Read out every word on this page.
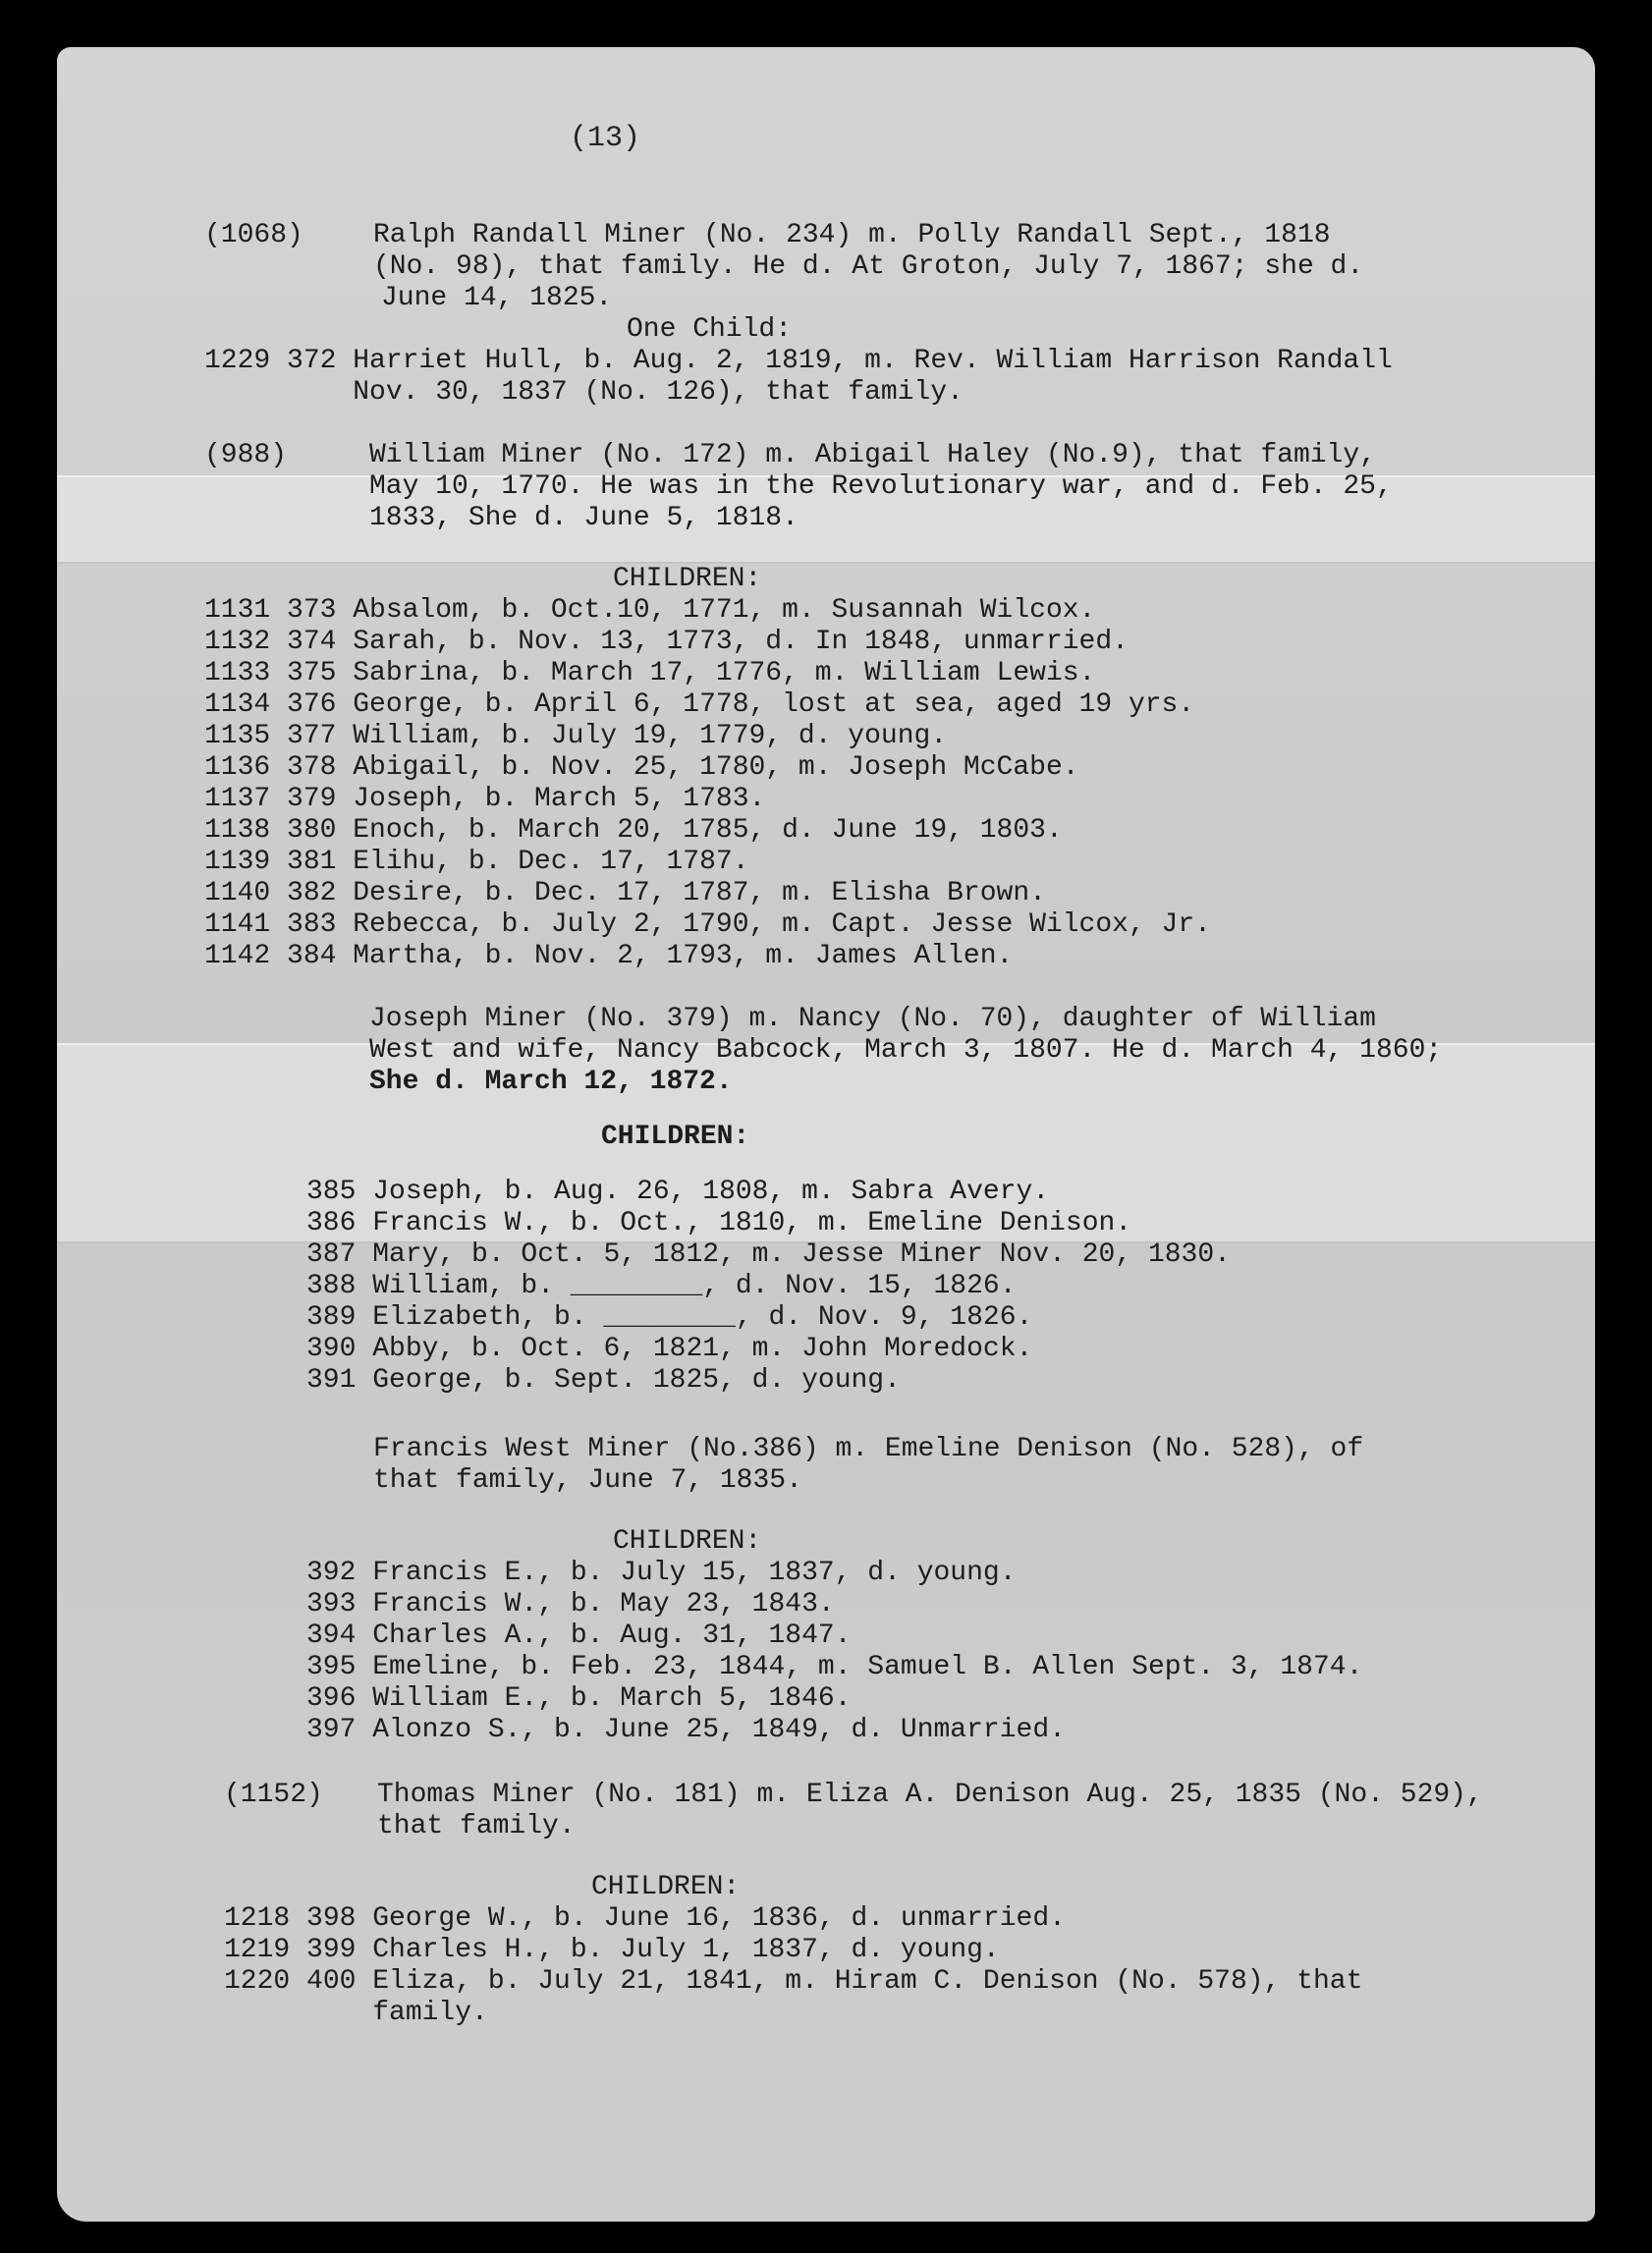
(13)
(1068)	Ralph Randall Miner (No. 234) m. Polly Randall Sept., 1818
(No. 98), that family. He d. At Groton, July 7, 1867; she d.
June 14, 1825.
One Child:
1229 372 Harriet Hull, b. Aug. 2, 1819, m. Rev. William Harrison Randall
Nov. 30, 1837 (No. 126), that family.
(988)	William Miner (No. 172) m. Abigail Haley (No.9), that family,
May 10, 1770. He was in the Revolutionary war, and d. Feb. 25,
1833, She d. June 5, 1818.
CHILDREN:
1131 373 Absalom, b. Oct.10, 1771, m. Susannah Wilcox.
1132 374 Sarah, b. Nov. 13, 1773, d. In 1848, unmarried.
1133 375 Sabrina, b. March 17, 1776, m. William Lewis.
1134 376 George, b. April 6, 1778, lost at sea, aged 19 yrs.
1135 377 William, b. July 19, 1779, d. young.
1136 378 Abigail, b. Nov. 25, 1780, m. Joseph McCabe.
1137 379 Joseph, b. March 5, 1783.
1138 380 Enoch, b. March 20, 1785, d. June 19, 1803.
1139 381 Elihu, b. Dec. 17, 1787.
1140 382 Desire, b. Dec. 17, 1787, m. Elisha Brown.
1141 383 Rebecca, b. July 2, 1790, m. Capt. Jesse Wilcox, Jr.
1142 384 Martha, b. Nov. 2, 1793, m. James Allen.
Joseph Miner (No. 379) m. Nancy (No. 70), daughter of William
West and wife, Nancy Babcock, March 3, 1807. He d. March 4, 1860;
She d. March 12, 1872.
CHILDREN:
385 Joseph, b. Aug. 26, 1808, m. Sabra Avery.
386 Francis W., b. Oct., 1810, m. Emeline Denison.
387 Mary, b. Oct. 5, 1812, m. Jesse Miner Nov. 20, 1830.
388 William, b. ________, d. Nov. 15, 1826.
389 Elizabeth, b. ________, d. Nov. 9, 1826.
390 Abby, b. Oct. 6, 1821, m. John Moredock.
391 George, b. Sept. 1825, d. young.
Francis West Miner (No.386) m. Emeline Denison (No. 528), of
that family, June 7, 1835.
CHILDREN:
392 Francis E., b. July 15, 1837, d. young.
393 Francis W., b. May 23, 1843.
394 Charles A., b. Aug. 31, 1847.
395 Emeline, b. Feb. 23, 1844, m. Samuel B. Allen Sept. 3, 1874.
396 William E., b. March 5, 1846.
397 Alonzo S., b. June 25, 1849, d. Unmarried.
(1152) Thomas Miner (No. 181) m. Eliza A. Denison Aug. 25, 1835 (No. 529),
that family.
CHILDREN:
1218 398 George W., b. June 16, 1836, d. unmarried.
1219 399 Charles H., b. July 1, 1837, d. young.
1220 400 Eliza, b. July 21, 1841, m. Hiram C. Denison (No. 578), that
family.
